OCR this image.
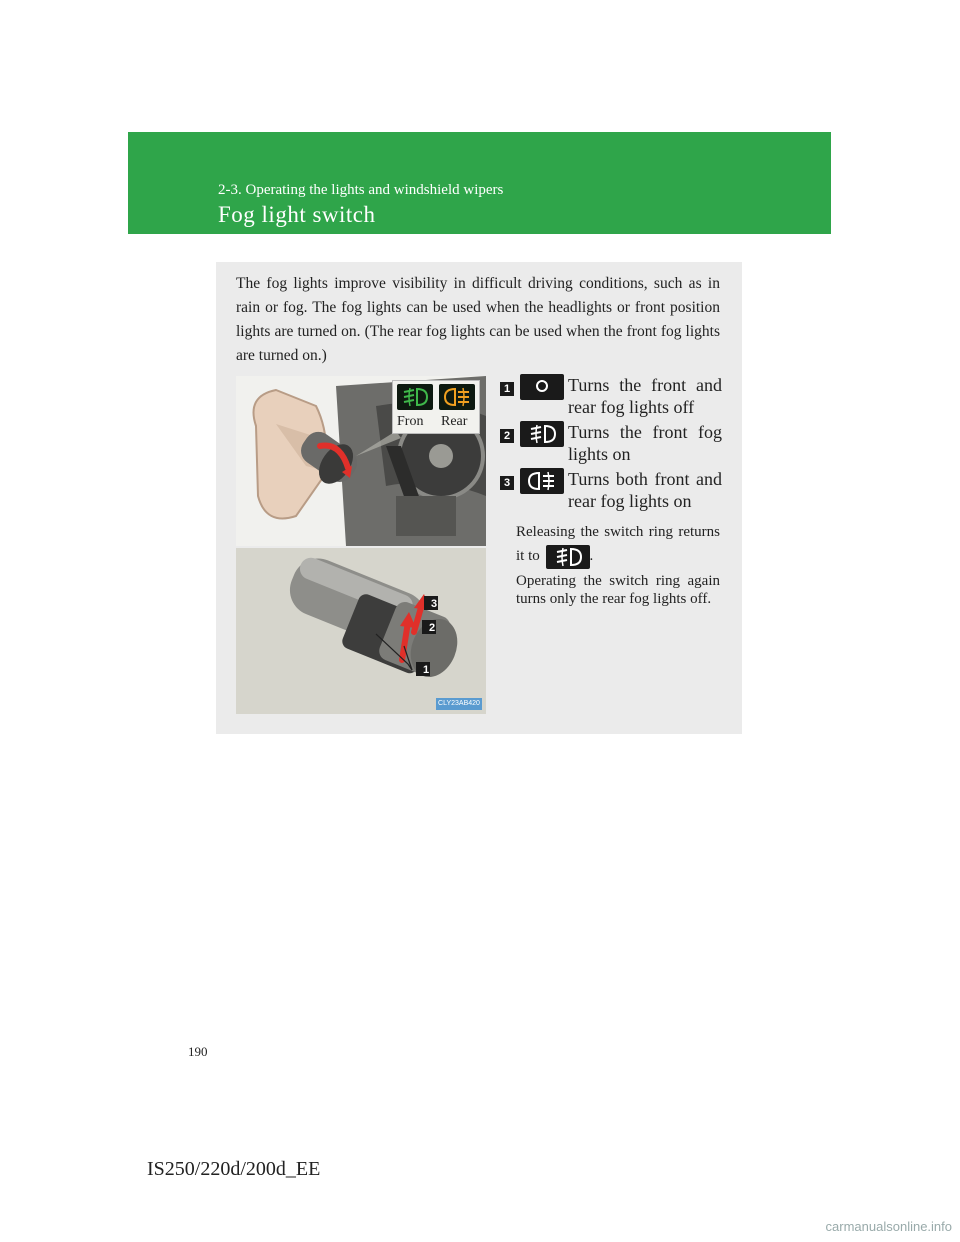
2-3. Operating the lights and windshield wipers
Fog light switch
The fog lights improve visibility in difficult driving conditions, such as in rain or fog. The fog lights can be used when the headlights or front position lights are turned on. (The rear fog lights can be used when the front fog lights are turned on.)
Fron Rear
1
2
3
CLY23AB420
1	Turns the front and rear fog lights off
2	Turns the front fog lights on
3	Turns both front and rear fog lights on
Releasing the switch ring returns it to	.
Operating the switch ring again turns only the rear fog lights off.
190
IS250/220d/200d_EE
carmanualsonline.info
